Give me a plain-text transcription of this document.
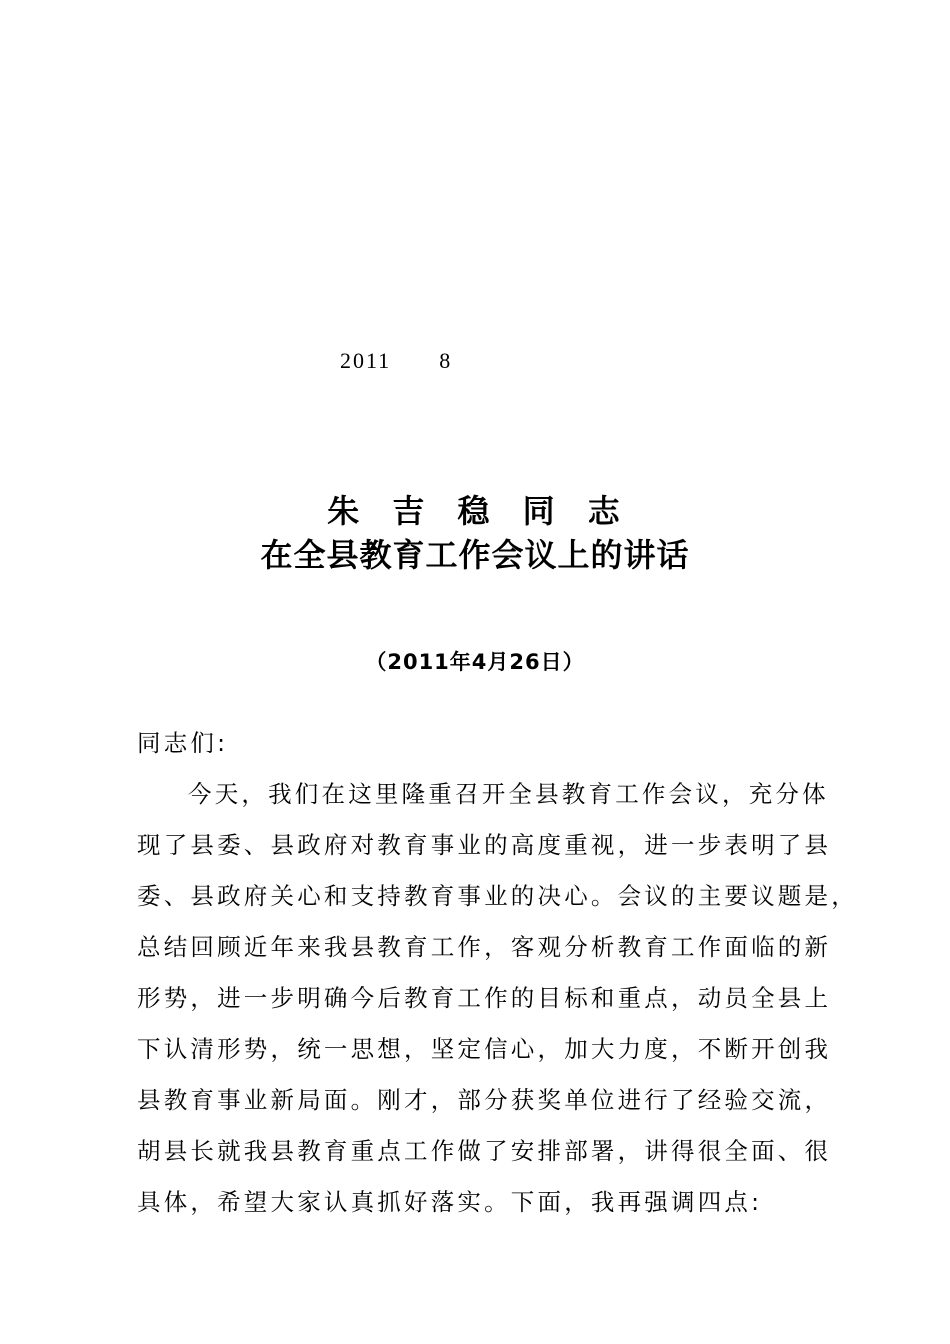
2011 8
朱 吉 稳 同 志
在全县教育工作会议上的讲话
（2011年4月26日）
同志们:

今天，我们在这里隆重召开全县教育工作会议，充分体
现了县委、县政府对教育事业的高度重视，进一步表明了县
委、县政府关心和支持教育事业的决心。会议的主要议题是，
总结回顾近年来我县教育工作，客观分析教育工作面临的新
形势，进一步明确今后教育工作的目标和重点，动员全县上
下认清形势，统一思想，坚定信心，加大力度，不断开创我
县教育事业新局面。刚才，部分获奖单位进行了经验交流，
胡县长就我县教育重点工作做了安排部署，讲得很全面、很
具体，希望大家认真抓好落实。下面，我再强调四点:
